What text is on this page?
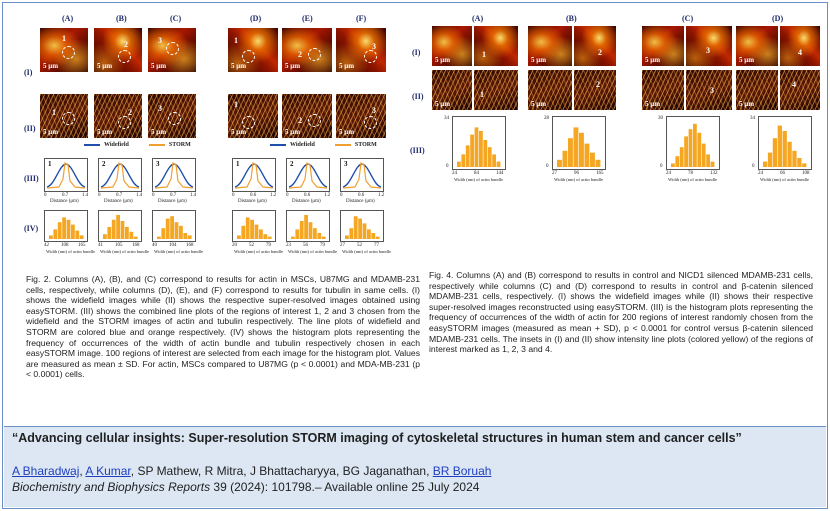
(A)	(B)	(C)	(D)	(E)	(F)
(I)
(II)
(III)
(IV)
1
5 μm
2
5 μm
3
5 μm
1
5 μm
2
5 μm
3
5 μm
1
5 μm
2
5 μm
3
5 μm
1
5 μm
2
5 μm
3
5 μm
Widefield	STORM	Widefield	STORM
1
0	0.7	1.4
Distance (μm)
2
0	0.7	1.4
Distance (μm)
3
0	0.7	1.4
Distance (μm)
1
0	0.6	1.2
Distance (μm)
2
0	0.6	1.2
Distance (μm)
3
0	0.6	1.2
Distance (μm)
42 108 165
Width (nm) of actin bundle
41 105 168
Width (nm) of actin bundle
40 104 168
Width (nm) of actin bundle
20 52 79
Width (nm) of actin bundle
23 56 79
Width (nm) of actin bundle
27 52 77
Width (nm) of actin bundle
(A)	(B)	(C)	(D)
(I)
(II)
(III)
5 μm
1
5 μm
2
5 μm
3
5 μm
4
5 μm
1
5 μm
2
5 μm
3
5 μm
4
34
0
24	84	144
Width (nm) of actin bundle
28
0
27	96	165
Width (nm) of actin bundle
30
0
24	78	132
Width (nm) of actin bundle
34
0
24	66	108
Width (nm) of actin bundle

Fig. 2. Columns (A), (B), and (C) correspond to results for actin in MSCs, U87MG and MDAMB-231 cells, respectively, while columns (D), (E), and (F) correspond to results for tubulin in same cells. (I) shows the widefield images while (II) shows the respective super-resolved images obtained using easySTORM. (III) shows the combined line plots of the regions of interest 1, 2 and 3 chosen from the widefield and the STORM images of actin and tubulin respectively. The line plots of widefield and STORM are colored blue and orange respectively. (IV) shows the histogram plots representing the frequency of occurrences of the width of actin bundle and tubulin respectively chosen in each easySTORM image. 100 regions of interest are selected from each image for the histogram plot. Values are measured as mean ± SD. For actin, MSCs compared to U87MG (p < 0.0001) and MDA-MB-231 (p < 0.0001) cells.

Fig. 4. Columns (A) and (B) correspond to results in control and NICD1 silenced MDAMB-231 cells, respectively while columns (C) and (D) correspond to results in control and β-catenin silenced MDAMB-231 cells, respectively. (I) shows the widefield images while (II) shows their respective super-resolved images reconstructed using easySTORM. (III) is the histogram plots representing the frequency of occurrences of the width of actin for 200 regions of interest randomly chosen from the easySTORM images (measured as mean + SD), p < 0.0001 for control versus β-catenin silenced MDAMB-231 cells. The insets in (I) and (II) show intensity line plots (colored yellow) of the regions of interest marked as 1, 2, 3 and 4.

“Advancing cellular insights: Super-resolution STORM imaging of cytoskeletal structures in human stem and cancer cells”
A Bharadwaj, A Kumar, SP Mathew, R Mitra, J Bhattacharyya, BG Jaganathan, BR Boruah
Biochemistry and Biophysics Reports 39 (2024): 101798.– Available online 25 July 2024
